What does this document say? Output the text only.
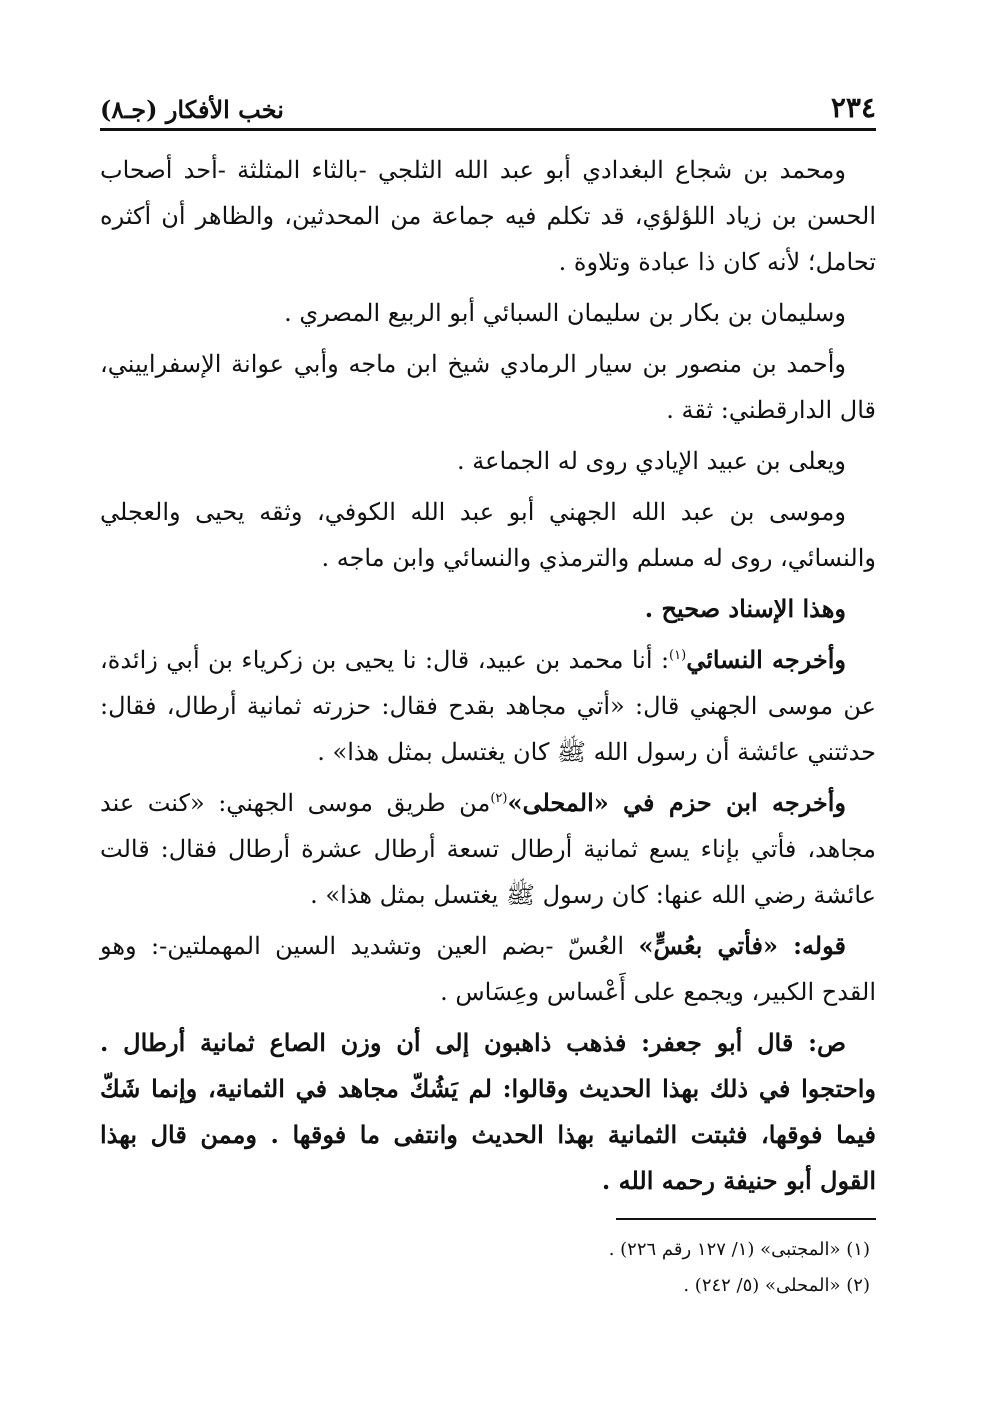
٢٣٤
نخب الأفكار (جـ٨)

ومحمد بن شجاع البغدادي أبو عبد الله الثلجي -بالثاء المثلثة -أحد أصحاب الحسن بن زياد اللؤلؤي، قد تكلم فيه جماعة من المحدثين، والظاهر أن أكثره تحامل؛ لأنه كان ذا عبادة وتلاوة .

وسليمان بن بكار بن سليمان السبائي أبو الربيع المصري .

وأحمد بن منصور بن سيار الرمادي شيخ ابن ماجه وأبي عوانة الإسفراييني، قال الدارقطني: ثقة .

ويعلى بن عبيد الإيادي روى له الجماعة .

وموسى بن عبد الله الجهني أبو عبد الله الكوفي، وثقه يحيى والعجلي والنسائي، روى له مسلم والترمذي والنسائي وابن ماجه .

وهذا الإسناد صحيح .

وأخرجه النسائي$^{(١)}$: أنا محمد بن عبيد، قال: نا يحيى بن زكرياء بن أبي زائدة، عن موسى الجهني قال: «أتي مجاهد بقدح فقال: حزرته ثمانية أرطال، فقال: حدثتني عائشة أن رسول الله ﷺ كان يغتسل بمثل هذا» .

وأخرجه ابن حزم في «المحلى»$^{(٢)}$من طريق موسى الجهني: «كنت عند مجاهد، فأتي بإناء يسع ثمانية أرطال تسعة أرطال عشرة أرطال فقال: قالت عائشة رضي الله عنها: كان رسول ﷺ يغتسل بمثل هذا» .

قوله: «فأتي بعُسٍّ» العُسّ -بضم العين وتشديد السين المهملتين-: وهو القدح الكبير، ويجمع على أَعْساس وعِسَاس .

ص: قال أبو جعفر: فذهب ذاهبون إلى أن وزن الصاع ثمانية أرطال . واحتجوا في ذلك بهذا الحديث وقالوا: لم يَشُكّ مجاهد في الثمانية، وإنما شَكّ فيما فوقها، فثبتت الثمانية بهذا الحديث وانتفى ما فوقها . وممن قال بهذا القول أبو حنيفة رحمه الله .

(١) «المجتبى» (١/ ١٢٧ رقم ٢٢٦) .
(٢) «المحلى» (٥/ ٢٤٢) .
